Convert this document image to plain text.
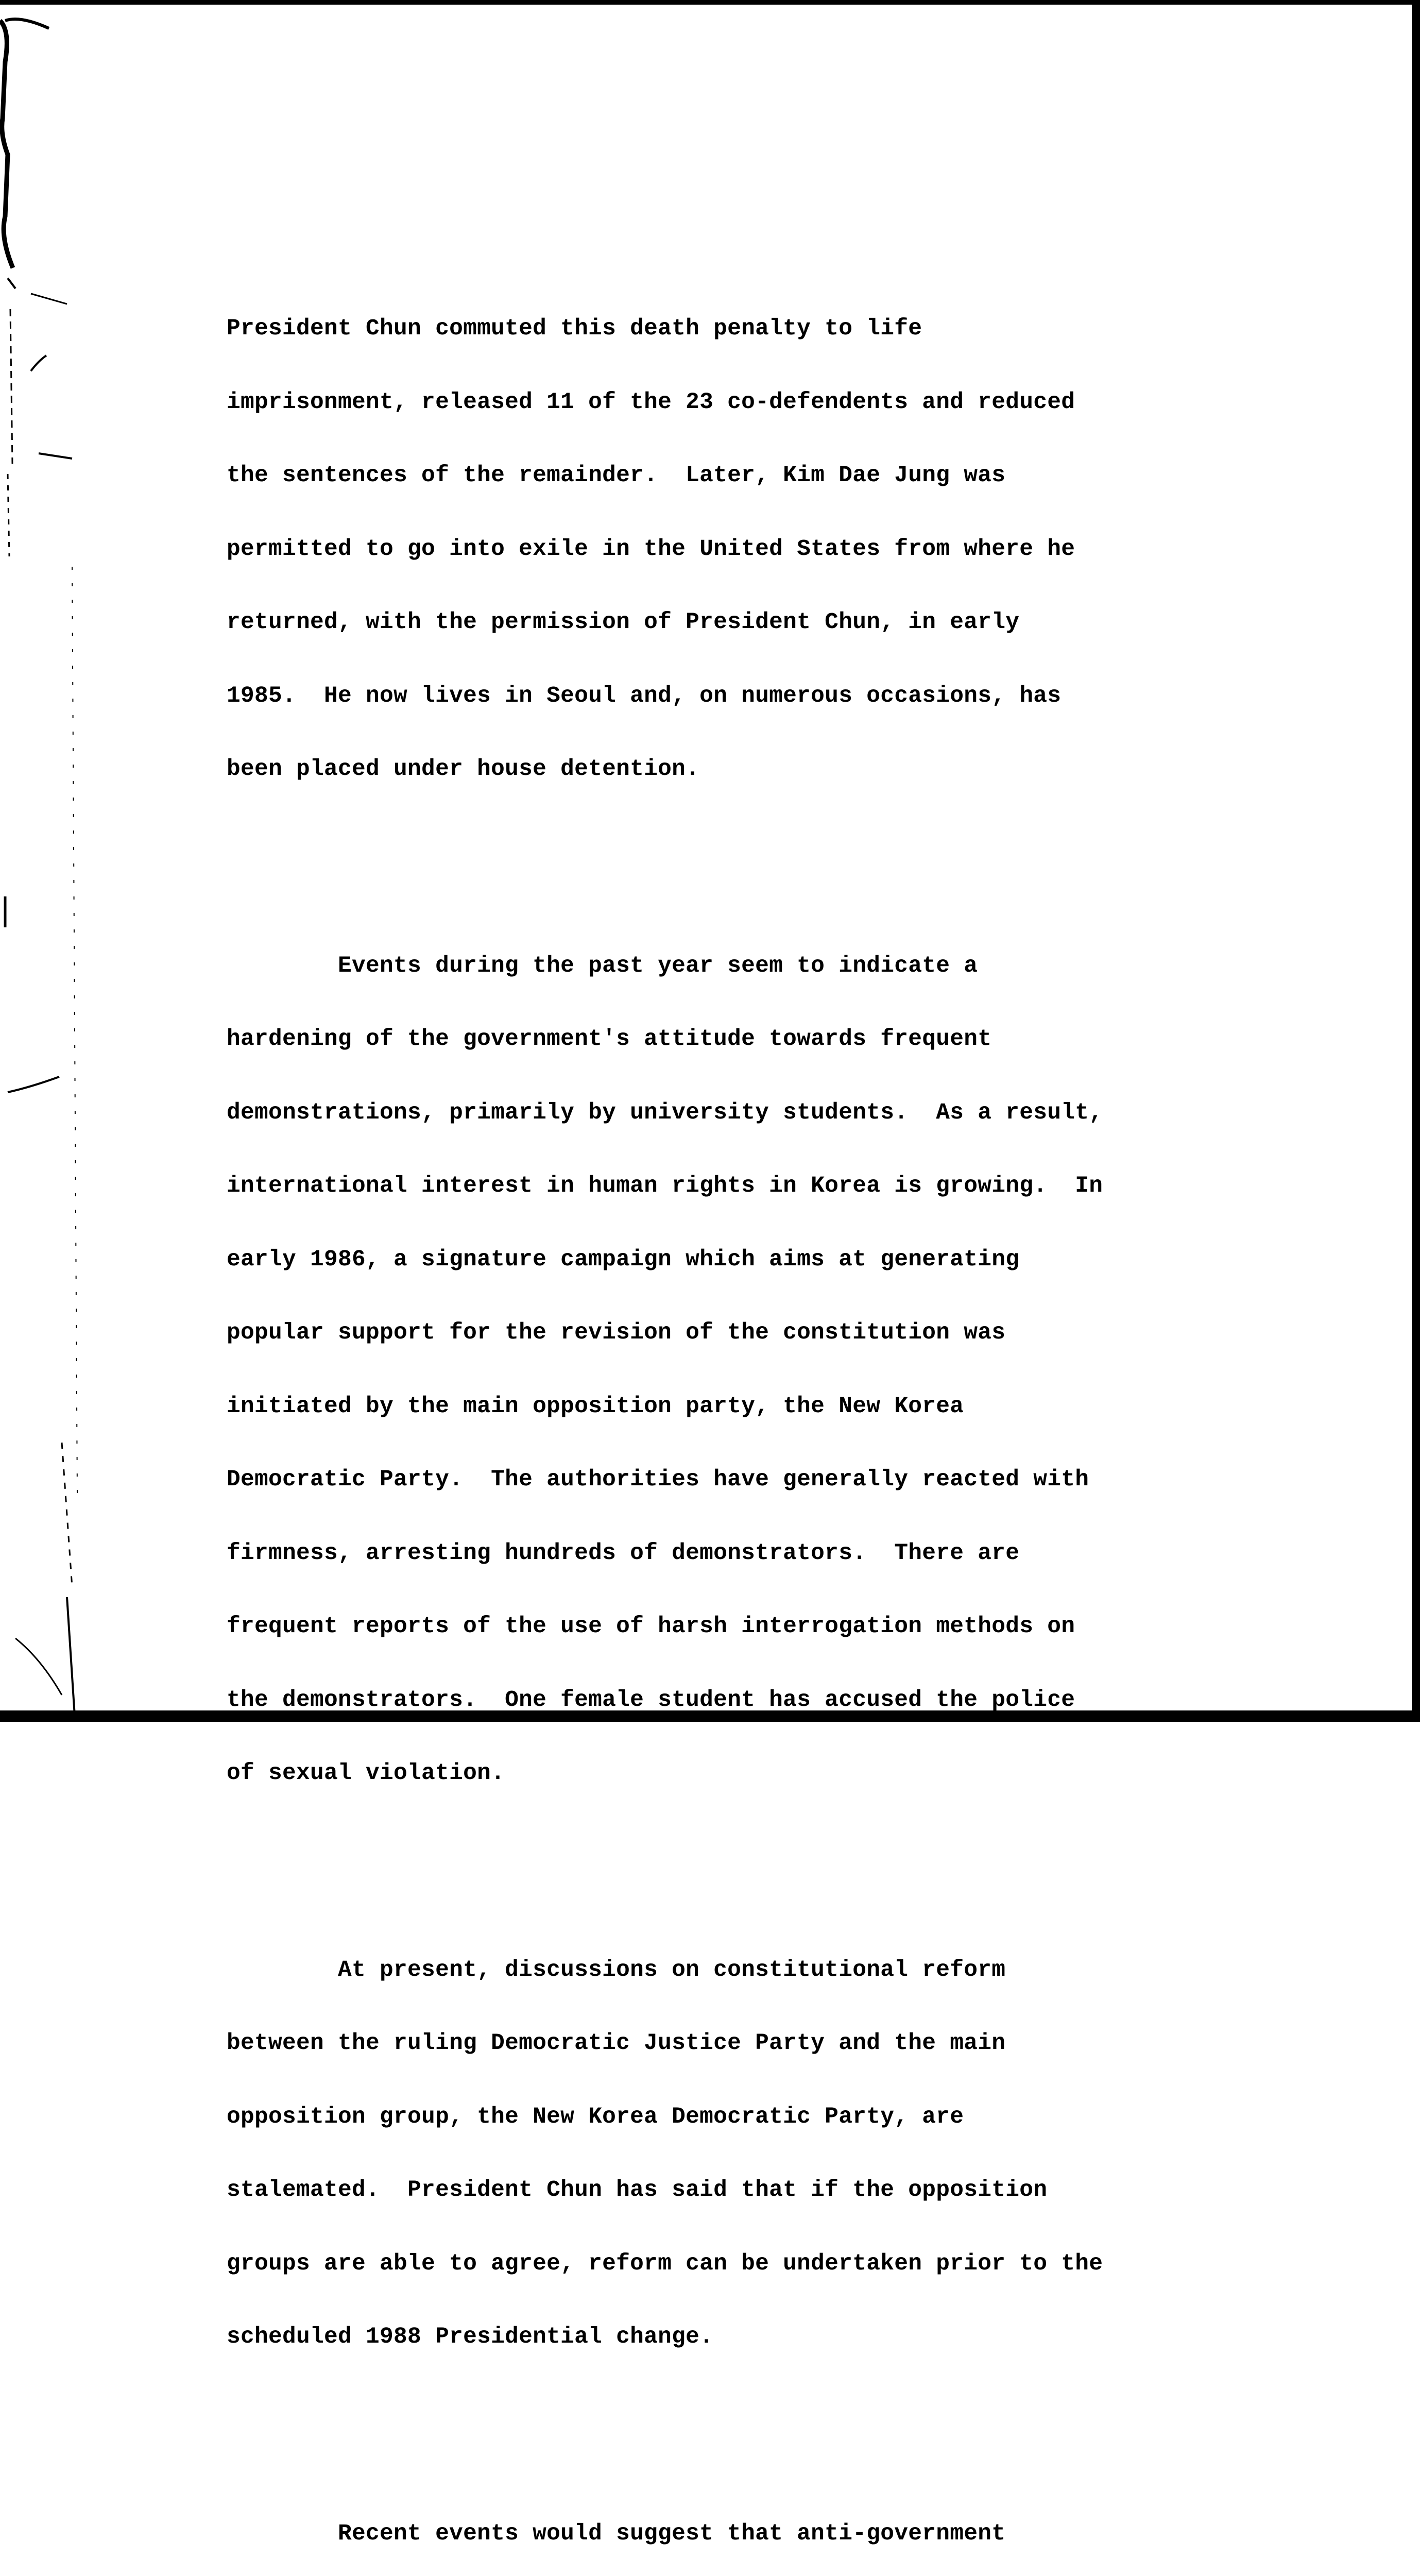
President Chun commuted this death penalty to life

imprisonment, released 11 of the 23 co-defendents and reduced

the sentences of the remainder.  Later, Kim Dae Jung was

permitted to go into exile in the United States from where he

returned, with the permission of President Chun, in early

1985.  He now lives in Seoul and, on numerous occasions, has

been placed under house detention.

Events during the past year seem to indicate a

hardening of the government's attitude towards frequent

demonstrations, primarily by university students.  As a result,

international interest in human rights in Korea is growing.  In

early 1986, a signature campaign which aims at generating

popular support for the revision of the constitution was

initiated by the main opposition party, the New Korea

Democratic Party.  The authorities have generally reacted with

firmness, arresting hundreds of demonstrators.  There are

frequent reports of the use of harsh interrogation methods on

the demonstrators.  One female student has accused the police

of sexual violation.

At present, discussions on constitutional reform

between the ruling Democratic Justice Party and the main

opposition group, the New Korea Democratic Party, are

stalemated.  President Chun has said that if the opposition

groups are able to agree, reform can be undertaken prior to the

scheduled 1988 Presidential change.

Recent events would suggest that anti-government
